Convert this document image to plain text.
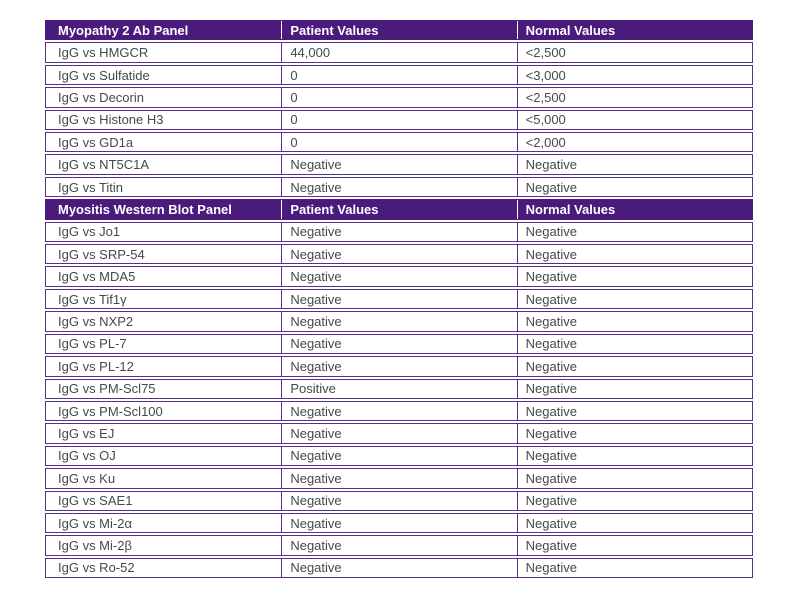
Myopathy 2 Ab Panel	Patient Values	Normal Values
IgG vs HMGCR	44,000	<2,500
IgG vs Sulfatide	0	<3,000
IgG vs Decorin	0	<2,500
IgG vs Histone H3	0	<5,000
IgG vs GD1a	0	<2,000
IgG vs NT5C1A	Negative	Negative
IgG vs Titin	Negative	Negative
Myositis Western Blot Panel	Patient Values	Normal Values
IgG vs Jo1	Negative	Negative
IgG vs SRP-54	Negative	Negative
IgG vs MDA5	Negative	Negative
IgG vs Tif1γ	Negative	Negative
IgG vs NXP2	Negative	Negative
IgG vs PL-7	Negative	Negative
IgG vs PL-12	Negative	Negative
IgG vs PM-Scl75	Positive	Negative
IgG vs PM-Scl100	Negative	Negative
IgG vs EJ	Negative	Negative
IgG vs OJ	Negative	Negative
IgG vs Ku	Negative	Negative
IgG vs SAE1	Negative	Negative
IgG vs Mi-2α	Negative	Negative
IgG vs Mi-2β	Negative	Negative
IgG vs Ro-52	Negative	Negative
